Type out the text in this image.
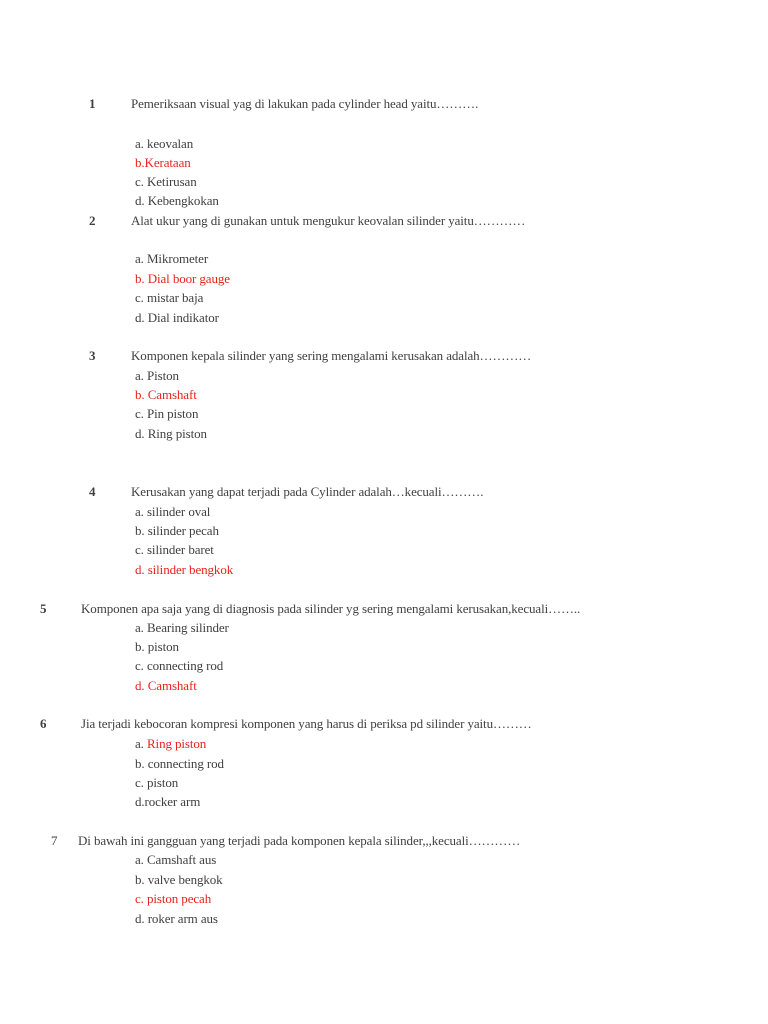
1	Pemeriksaan visual yag di lakukan pada cylinder head yaitu……….
a. keovalan
b.Kerataan
c. Ketirusan
d. Kebengkokan
2	Alat ukur yang di gunakan untuk mengukur keovalan silinder yaitu…………
a. Mikrometer
b. Dial boor gauge
c. mistar baja
d. Dial indikator
3	Komponen kepala silinder yang sering mengalami kerusakan adalah…………
a. Piston
b. Camshaft
c. Pin piston
d. Ring piston
4	Kerusakan yang dapat terjadi pada Cylinder adalah…kecuali……….
a. silinder oval
b. silinder pecah
c. silinder baret
d. silinder bengkok
5	Komponen apa saja yang di diagnosis pada silinder yg sering mengalami kerusakan,kecuali……..
a. Bearing silinder
b. piston
c. connecting rod
d. Camshaft
6	Jia terjadi kebocoran kompresi komponen yang harus di periksa pd silinder yaitu………
a. Ring piston
b. connecting rod
c. piston
d.rocker arm
7 Di bawah ini gangguan yang terjadi pada komponen kepala silinder,,,kecuali…………
a. Camshaft aus
b. valve bengkok
c. piston pecah
d. roker arm aus
